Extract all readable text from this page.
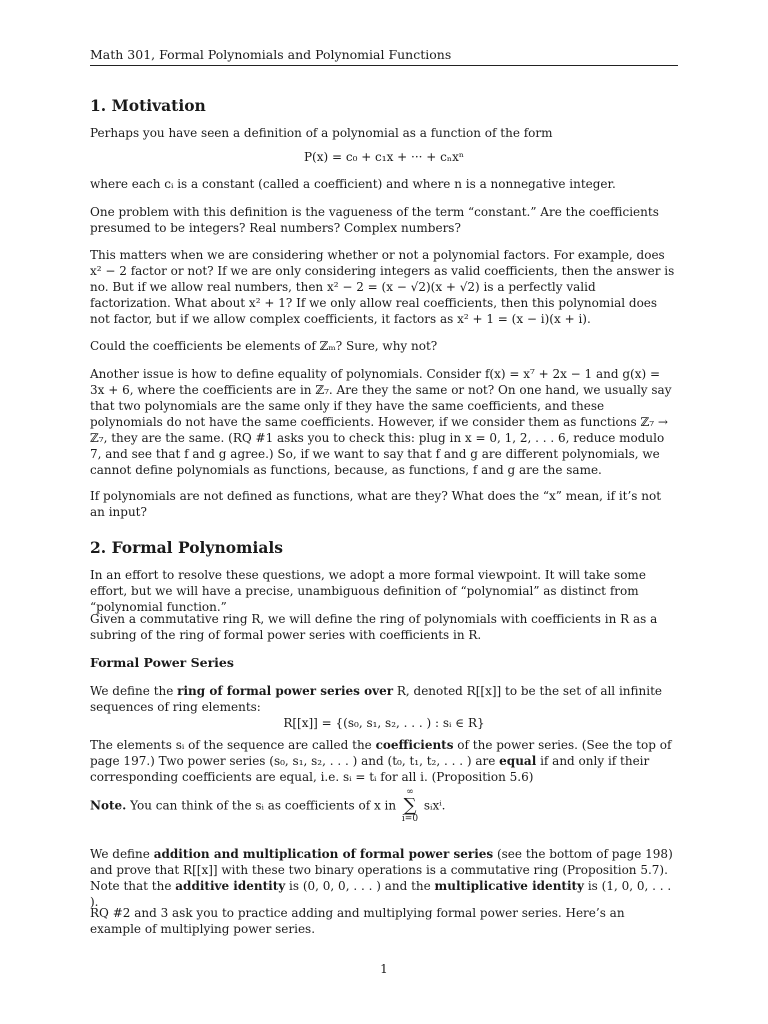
Math 301, Formal Polynomials and Polynomial Functions
1. Motivation
Perhaps you have seen a definition of a polynomial as a function of the form
P(x) = c₀ + c₁x + ··· + cₙxⁿ
where each cᵢ is a constant (called a coefficient) and where n is a nonnegative integer.
One problem with this definition is the vagueness of the term “constant.” Are the coefficients presumed to be integers? Real numbers? Complex numbers?
This matters when we are considering whether or not a polynomial factors. For example, does x² − 2 factor or not? If we are only considering integers as valid coefficients, then the answer is no. But if we allow real numbers, then x² − 2 = (x − √2)(x + √2) is a perfectly valid factorization. What about x² + 1? If we only allow real coefficients, then this polynomial does not factor, but if we allow complex coefficients, it factors as x² + 1 = (x − i)(x + i).
Could the coefficients be elements of ℤₘ? Sure, why not?
Another issue is how to define equality of polynomials. Consider f(x) = x⁷ + 2x − 1 and g(x) = 3x + 6, where the coefficients are in ℤ₇. Are they the same or not? On one hand, we usually say that two polynomials are the same only if they have the same coefficients, and these polynomials do not have the same coefficients. However, if we consider them as functions ℤ₇ → ℤ₇, they are the same. (RQ #1 asks you to check this: plug in x = 0, 1, 2, . . . 6, reduce modulo 7, and see that f and g agree.) So, if we want to say that f and g are different polynomials, we cannot define polynomials as functions, because, as functions, f and g are the same.
If polynomials are not defined as functions, what are they? What does the “x” mean, if it’s not an input?
2. Formal Polynomials
In an effort to resolve these questions, we adopt a more formal viewpoint. It will take some effort, but we will have a precise, unambiguous definition of “polynomial” as distinct from “polynomial function.”
Given a commutative ring R, we will define the ring of polynomials with coefficients in R as a subring of the ring of formal power series with coefficients in R.
Formal Power Series
We define the ring of formal power series over R, denoted R[[x]] to be the set of all infinite sequences of ring elements:
R[[x]] = {(s₀, s₁, s₂, . . . ) : sᵢ ∈ R}
The elements sᵢ of the sequence are called the coefficients of the power series. (See the top of page 197.) Two power series (s₀, s₁, s₂, . . . ) and (t₀, t₁, t₂, . . . ) are equal if and only if their corresponding coefficients are equal, i.e. sᵢ = tᵢ for all i. (Proposition 5.6)
Note. You can think of the sᵢ as coefficients of x in
∞
∑
i=0
sᵢxⁱ.
We define addition and multiplication of formal power series (see the bottom of page 198) and prove that R[[x]] with these two binary operations is a commutative ring (Proposition 5.7). Note that the additive identity is (0, 0, 0, . . . ) and the multiplicative identity is (1, 0, 0, . . . ).
RQ #2 and 3 ask you to practice adding and multiplying formal power series. Here’s an example of multiplying power series.
1
